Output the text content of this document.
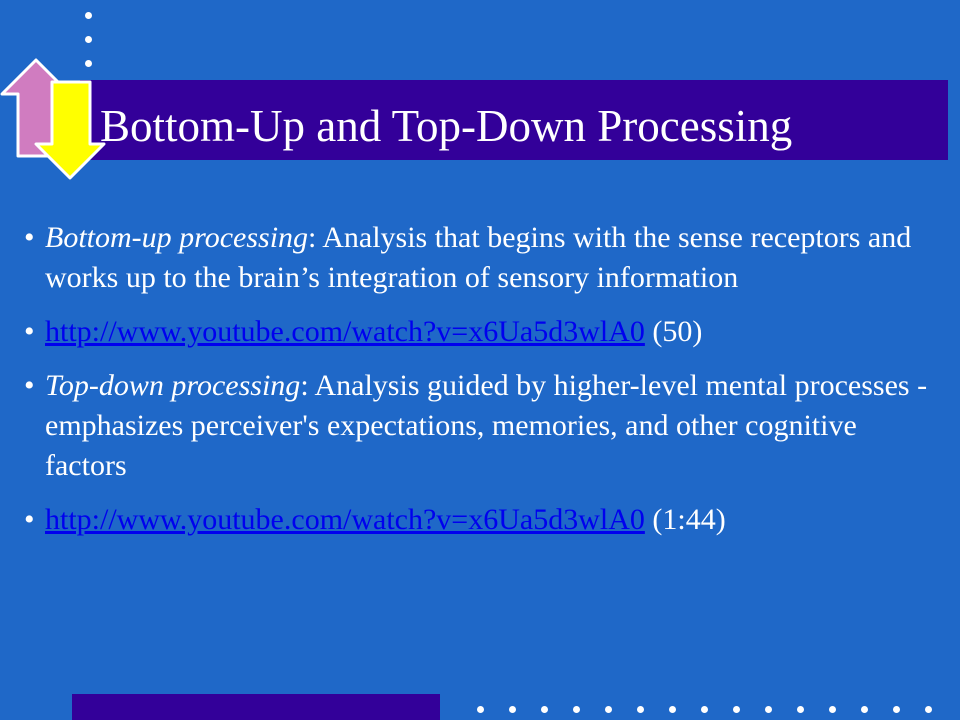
Bottom-Up and Top-Down Processing
• Bottom-up processing: Analysis that begins with the sense receptors and works up to the brain’s integration of sensory information
• http://www.youtube.com/watch?v=x6Ua5d3wlA0 (50)
• Top-down processing: Analysis guided by higher-level mental processes - emphasizes perceiver's expectations, memories, and other cognitive factors
• http://www.youtube.com/watch?v=x6Ua5d3wlA0 (1:44)
